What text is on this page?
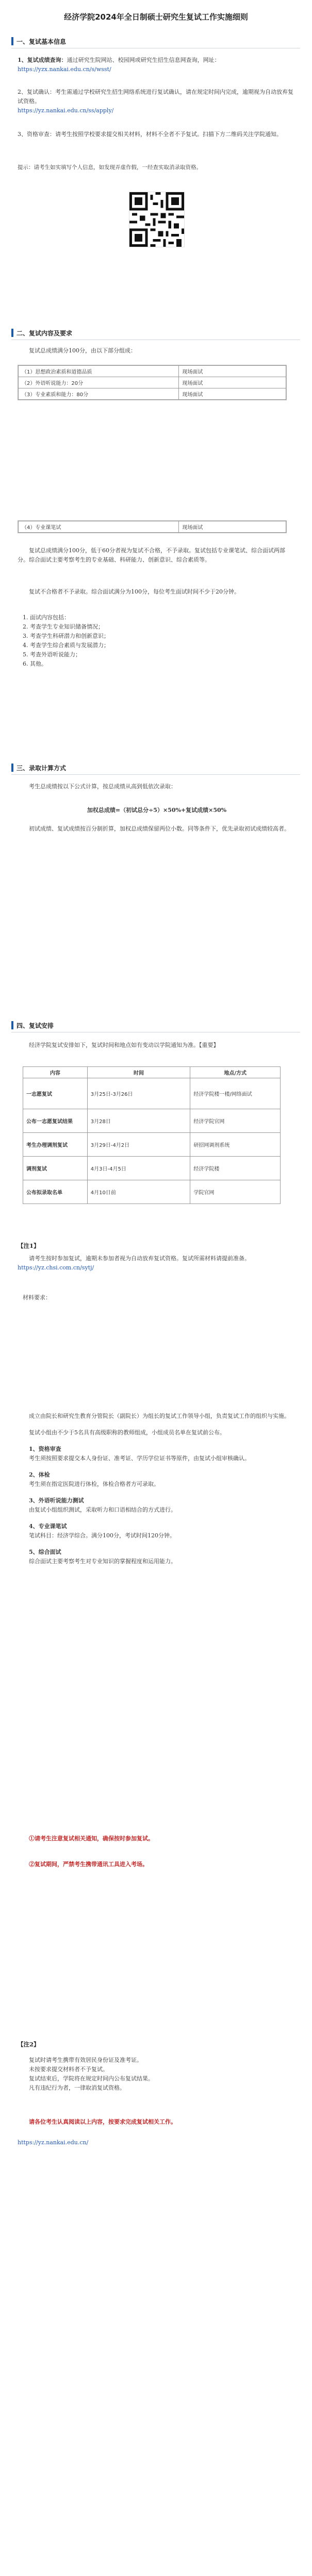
经济学院2024年全日制硕士研究生复试工作实施细则
一、复试基本信息
1、复试成绩查询：通过研究生院网站、校园网或研究生招生信息网查询，网址：
https://yzx.nankai.edu.cn/s/wsst/
2、复试确认：考生需通过学校研究生招生网络系统进行复试确认，请在规定时间内完成，逾期视为自动放弃复试资格。
https://yz.nankai.edu.cn/ss/apply/
3、资格审查：请考生按照学校要求提交相关材料，材料不全者不予复试。扫描下方二维码关注学院通知。
提示：请考生如实填写个人信息，如发现弄虚作假，一经查实取消录取资格。
二、复试内容及要求
复试总成绩满分100分，由以下部分组成：
（1）思想政治素质和道德品质	现场面试
（2）外语听说能力：20分	现场面试
（3）专业素质和能力：80分	现场面试
（4）专业课笔试	现场面试
复试总成绩满分100分，低于60分者视为复试不合格，不予录取。复试包括专业课笔试、综合面试两部分。综合面试主要考察考生的专业基础、科研能力、创新意识、综合素质等。
复试不合格者不予录取。综合面试满分为100分，每位考生面试时间不少于20分钟。
1. 面试内容包括：
2. 考查学生专业知识储备情况；
3. 考查学生科研潜力和创新意识；
4. 考查学生综合素质与发展潜力；
5. 考查外语听说能力；
6. 其他。
三、录取计算方式
考生总成绩按以下公式计算，按总成绩从高到低依次录取：
加权总成绩=（初试总分÷5）×50%+复试成绩×50%
初试成绩、复试成绩按百分制折算，加权总成绩保留两位小数。同等条件下，优先录取初试成绩较高者。
四、复试安排
经济学院复试安排如下，复试时间和地点如有变动以学院通知为准。【重要】
内容	时间	地点/方式
一志愿复试	3月25日-3月26日	经济学院楼一楼/网络面试
公布一志愿复试结果	3月28日	经济学院官网
考生办理调剂复试	3月29日-4月2日	研招网调剂系统
调剂复试	4月3日-4月5日	经济学院楼
公布拟录取名单	4月10日前	学院官网
【注1】
请考生按时参加复试，逾期未参加者视为自动放弃复试资格。复试所需材料请提前准备。
https://yz.chsi.com.cn/sytj/
材料要求：
成立由院长和研究生教育分管院长（副院长）为组长的复试工作领导小组，负责复试工作的组织与实施。
复试小组由不少于5名具有高级职称的教师组成，小组成员名单在复试前公布。
1、资格审查
考生须按照要求提交本人身份证、准考证、学历学位证书等原件，由复试小组审核确认。
2、体检
考生须在指定医院进行体检，体检合格者方可录取。
3、外语听说能力测试
由复试小组组织测试，采取听力和口语相结合的方式进行。
4、专业课笔试
笔试科目：经济学综合。满分100分，考试时间120分钟。
5、综合面试
综合面试主要考察考生对专业知识的掌握程度和运用能力。
①请考生注意复试相关通知，确保按时参加复试。
②复试期间，严禁考生携带通讯工具进入考场。
【注2】
复试时请考生携带有效居民身份证及准考证。
未按要求提交材料者不予复试。
复试结束后，学院将在规定时间内公布复试结果。
凡有违纪行为者，一律取消复试资格。
请各位考生认真阅读以上内容，按要求完成复试相关工作。
https://yz.nankai.edu.cn/
